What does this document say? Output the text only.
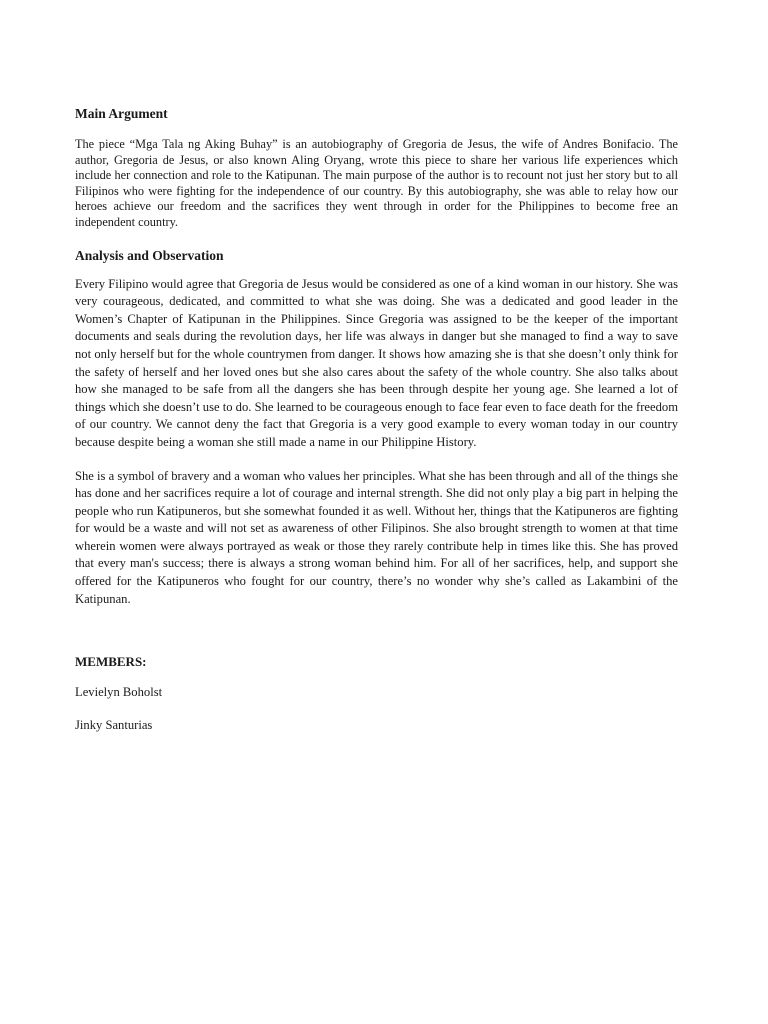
Main Argument

The piece “Mga Tala ng Aking Buhay” is an autobiography of Gregoria de Jesus, the wife of Andres Bonifacio. The author, Gregoria de Jesus, or also known Aling Oryang, wrote this piece to share her various life experiences which include her connection and role to the Katipunan. The main purpose of the author is to recount not just her story but to all Filipinos who were fighting for the independence of our country. By this autobiography, she was able to relay how our heroes achieve our freedom and the sacrifices they went through in order for the Philippines to become free an independent country.

Analysis and Observation

Every Filipino would agree that Gregoria de Jesus would be considered as one of a kind woman in our history. She was very courageous, dedicated, and committed to what she was doing. She was a dedicated and good leader in the Women’s Chapter of Katipunan in the Philippines. Since Gregoria was assigned to be the keeper of the important documents and seals during the revolution days, her life was always in danger but she managed to find a way to save not only herself but for the whole countrymen from danger. It shows how amazing she is that she doesn’t only think for the safety of herself and her loved ones but she also cares about the safety of the whole country. She also talks about how she managed to be safe from all the dangers she has been through despite her young age. She learned a lot of things which she doesn’t use to do. She learned to be courageous enough to face fear even to face death for the freedom of our country. We cannot deny the fact that Gregoria is a very good example to every woman today in our country because despite being a woman she still made a name in our Philippine History.

She is a symbol of bravery and a woman who values her principles. What she has been through and all of the things she has done and her sacrifices require a lot of courage and internal strength. She did not only play a big part in helping the people who run Katipuneros, but she somewhat founded it as well. Without her, things that the Katipuneros are fighting for would be a waste and will not set as awareness of other Filipinos. She also brought strength to women at that time wherein women were always portrayed as weak or those they rarely contribute help in times like this. She has proved that every man's success; there is always a strong woman behind him. For all of her sacrifices, help, and support she offered for the Katipuneros who fought for our country, there’s no wonder why she’s called as Lakambini of the Katipunan.

MEMBERS:
Levielyn Boholst
Jinky Santurias
